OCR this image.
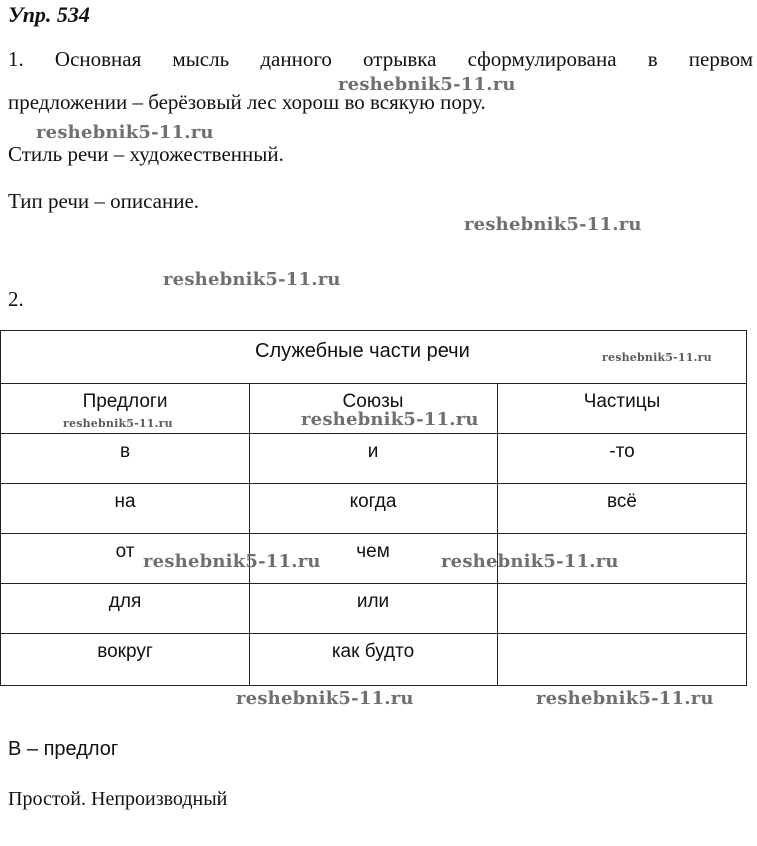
Упр. 534
1. Основная мысль данного отрывка сформулирована в первом
предложении – берёзовый лес хорош во всякую пору.
Стиль речи – художественный.
Тип речи – описание.
2.
reshebnik5-11.ru
reshebnik5-11.ru
reshebnik5-11.ru
reshebnik5-11.ru
Служебные части речи	reshebnik5-11.ru
Предлоги	Союзы	Частицы
reshebnik5-11.ru	reshebnik5-11.ru
в	и	-то
на	когда	всё
от	чем
reshebnik5-11.ru	reshebnik5-11.ru
для	или
вокруг	как будто
reshebnik5-11.ru	reshebnik5-11.ru
В – предлог
Простой. Непроизводный
